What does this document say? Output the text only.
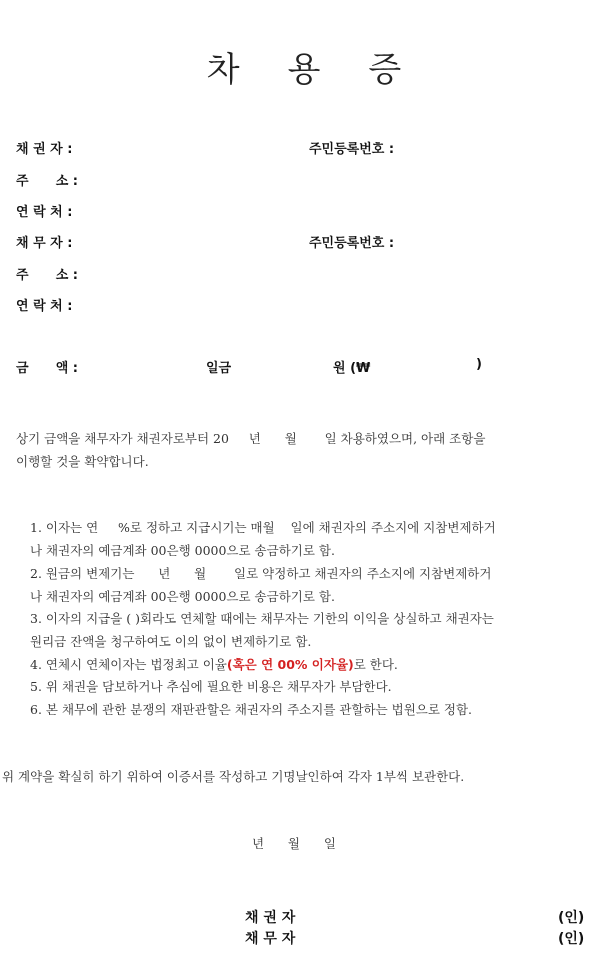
차 용 증
채 권 자 :	주민등록번호 :
주      소 :
연 락 처 :
채 무 자 :	주민등록번호 :
주      소 :
연 락 처 :
금      액 :	일금	원 (₩	)
상기 금액을 채무자가 채권자로부터 20     년      월       일 차용하였으며, 아래 조항을
이행할 것을 확약합니다.
1. 이자는 연     %로 정하고 지급시기는 매월    일에 채권자의 주소지에 지참변제하거
나 채권자의 예금계좌 00은행 0000으로 송금하기로 함.
2. 원금의 변제기는      년      월       일로 약정하고 채권자의 주소지에 지참변제하거
나 채권자의 예금계좌 00은행 0000으로 송금하기로 함.
3. 이자의 지급을 ( )회라도 연체할 때에는 채무자는 기한의 이익을 상실하고 채권자는
원리금 잔액을 청구하여도 이의 없이 변제하기로 함.
4. 연체시 연체이자는 법정최고 이율(혹은 연 00% 이자율)로 한다.
5. 위 채권을 담보하거나 추심에 필요한 비용은 채무자가 부담한다.
6. 본 채무에 관한 분쟁의 재판관할은 채권자의 주소지를 관할하는 법원으로 정함.
위 계약을 확실히 하기 위하여 이증서를 작성하고 기명날인하여 각자 1부씩 보관한다.
년      월      일
채 권 자	(인)
채 무 자	(인)
